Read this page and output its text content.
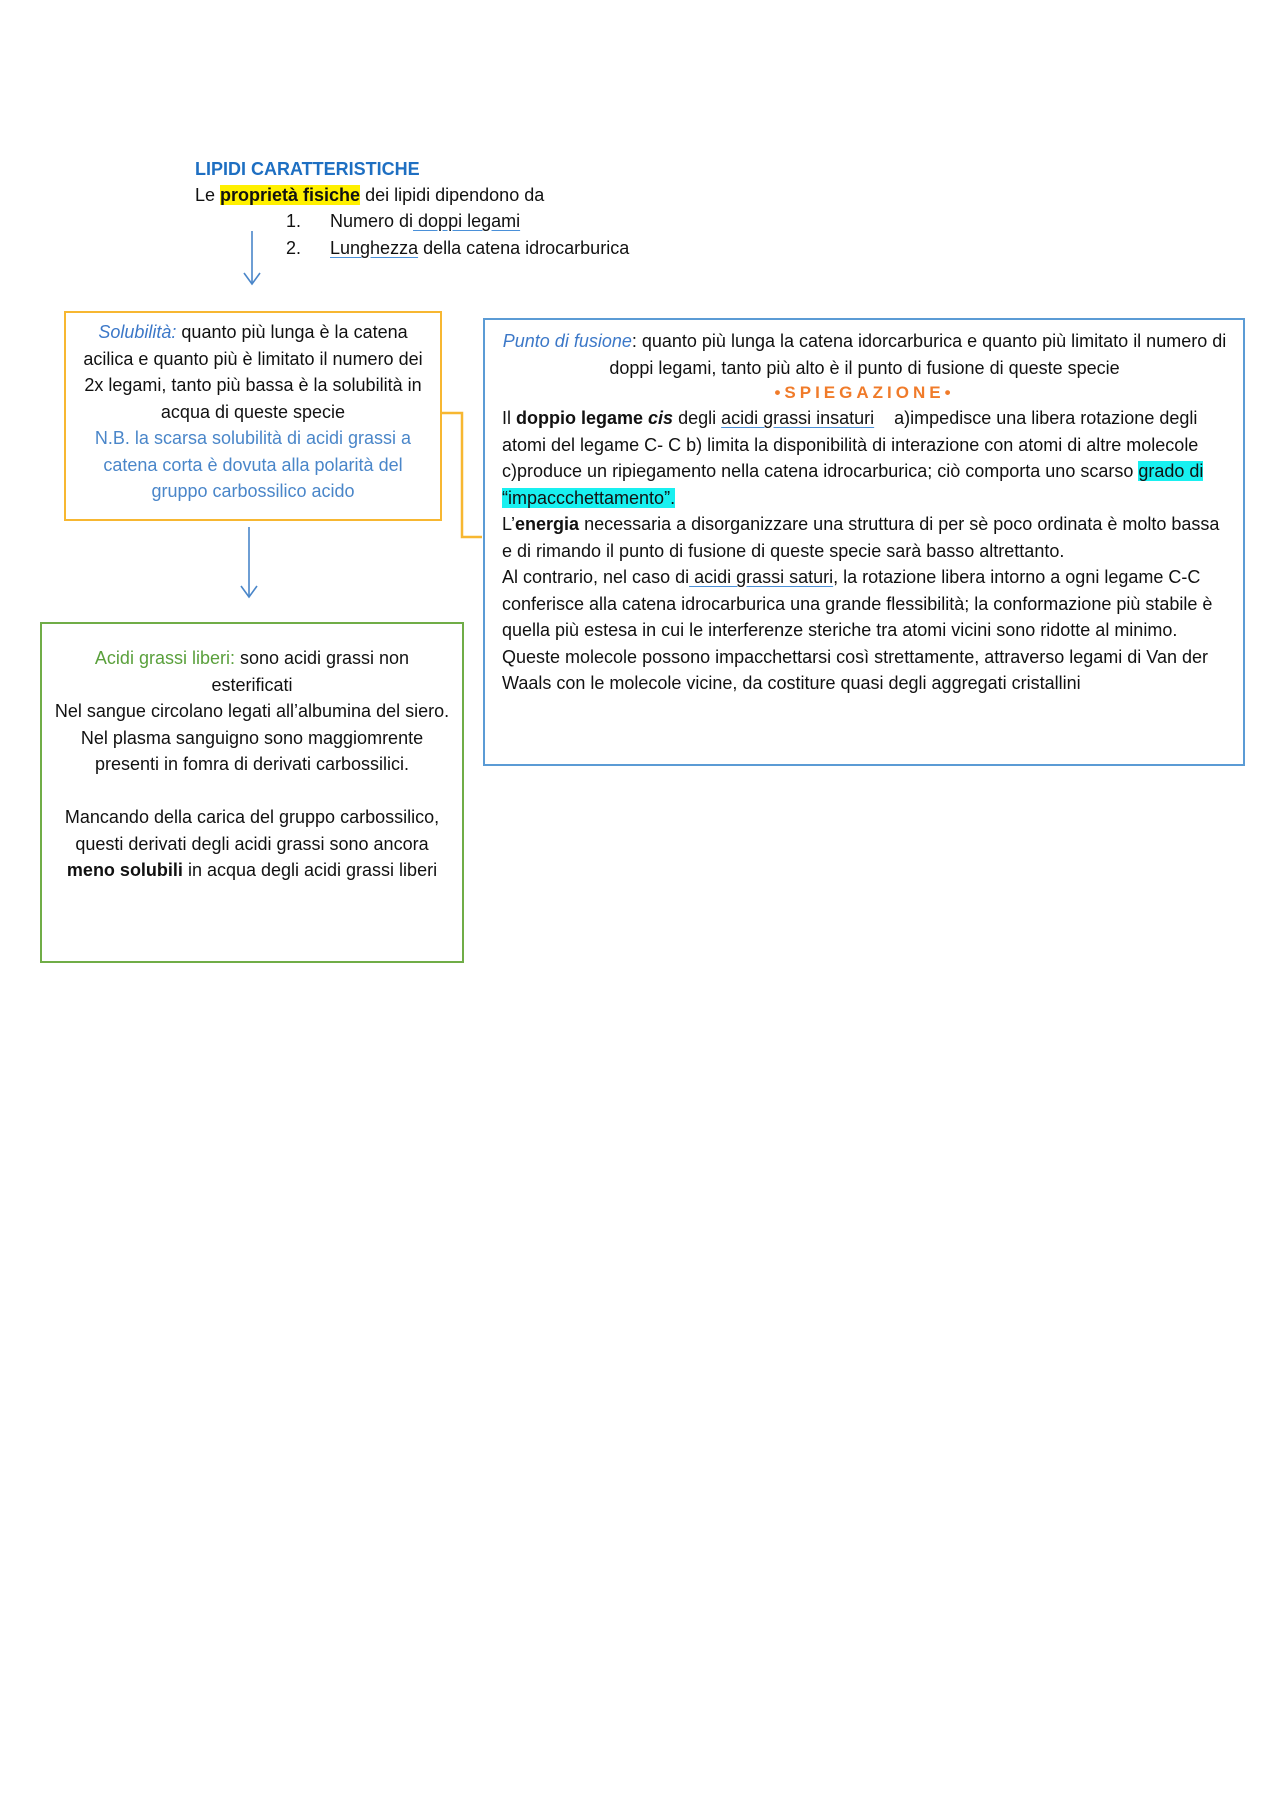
LIPIDI CARATTERISTICHE
Le proprietà fisiche dei lipidi dipendono da
1. Numero di doppi legami
2. Lunghezza della catena idrocarburica
Solubilità: quanto più lunga è la catena acilica e quanto più è limitato il numero dei 2x legami, tanto più bassa è la solubilità in acqua di queste specie
N.B. la scarsa solubilità di acidi grassi a catena corta è dovuta alla polarità del gruppo carbossilico acido
Punto di fusione: quanto più lunga la catena idorcarburica e quanto più limitato il numero di doppi legami, tanto più alto è il punto di fusione di queste specie
•SPIEGAZIONE•
Il doppio legame cis degli acidi grassi insaturi    a)impedisce una libera rotazione degli atomi del legame C- C b) limita la disponibilità di interazione con atomi di altre molecole c)produce un ripiegamento nella catena idrocarburica; ciò comporta uno scarso grado di “impaccchettamento”.
L’energia necessaria a disorganizzare una struttura di per sè poco ordinata è molto bassa e di rimando il punto di fusione di queste specie sarà basso altrettanto.
Al contrario, nel caso di acidi grassi saturi, la rotazione libera intorno a ogni legame C-C conferisce alla catena idrocarburica una grande flessibilità; la conformazione più stabile è quella più estesa in cui le interferenze steriche tra atomi vicini sono ridotte al minimo.
Queste molecole possono impacchettarsi così strettamente, attraverso legami di Van der Waals con le molecole vicine, da costiture quasi degli aggregati cristallini
Acidi grassi liberi: sono acidi grassi non esterificati
Nel sangue circolano legati all’albumina del siero.
Nel plasma sanguigno sono maggiomrente presenti in fomra di derivati carbossilici.
Mancando della carica del gruppo carbossilico, questi derivati degli acidi grassi sono ancora meno solubili in acqua degli acidi grassi liberi
